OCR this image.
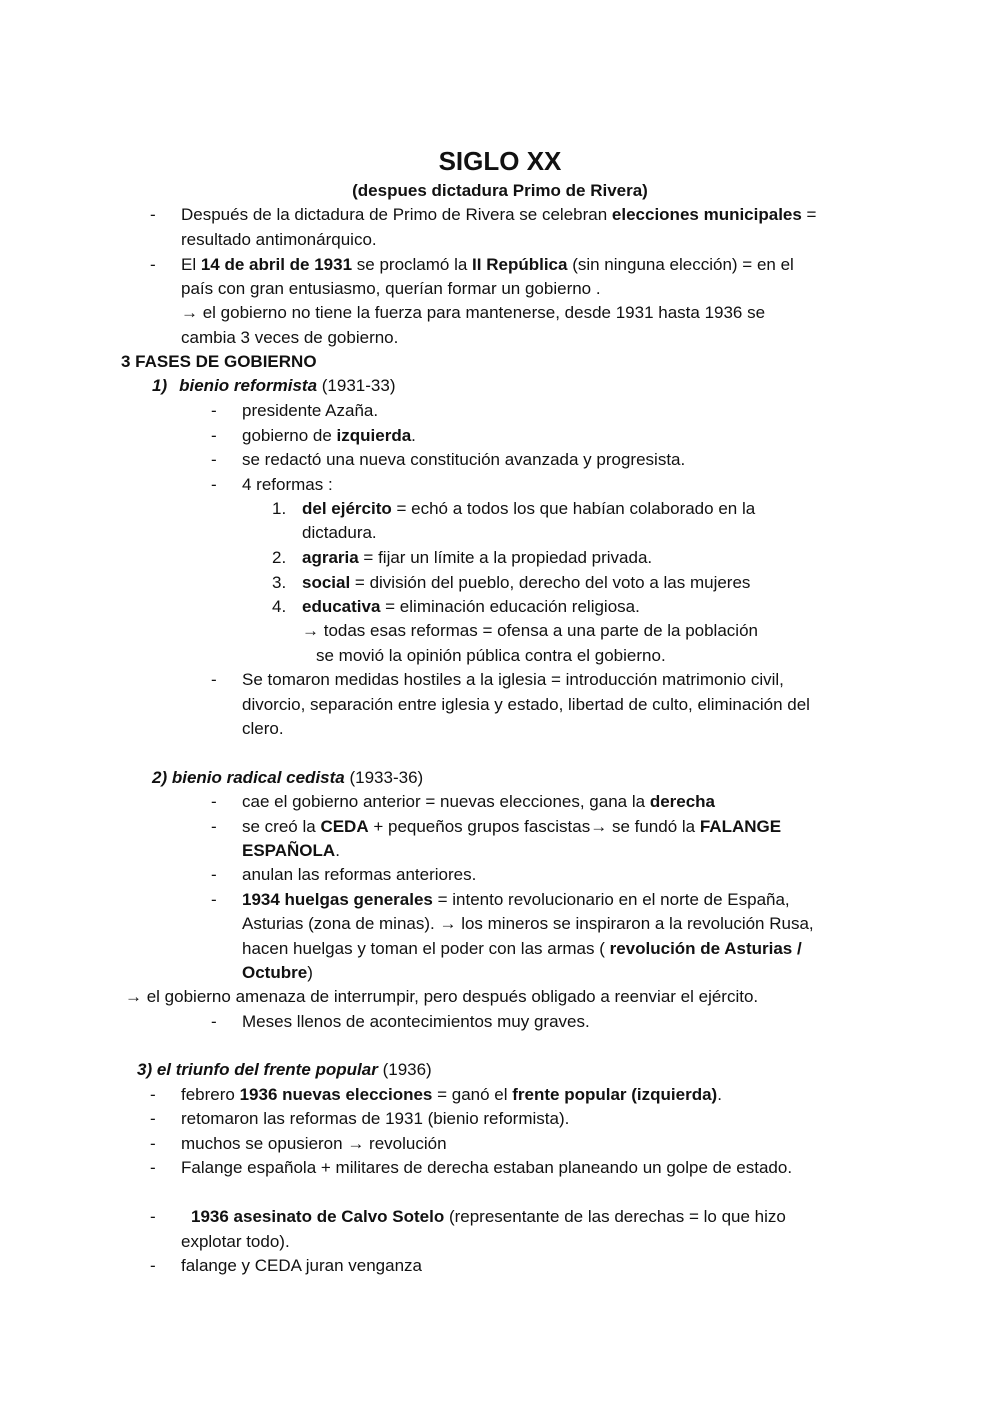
SIGLO XX
(despues dictadura Primo de Rivera)
- Después de la dictadura de Primo de Rivera se celebran elecciones municipales =
resultado antimonárquico.
- El 14 de abril de 1931 se proclamó la II República (sin ninguna elección) = en el
país con gran entusiasmo, querían formar un gobierno .
→ el gobierno no tiene la fuerza para mantenerse, desde 1931 hasta 1936 se
cambia 3 veces de gobierno.
3 FASES DE GOBIERNO
1) bienio reformista (1931-33)
- presidente Azaña.
- gobierno de izquierda.
- se redactó una nueva constitución avanzada y progresista.
- 4 reformas :
1. del ejército = echó a todos los que habían colaborado en la
dictadura.
2. agraria = fijar un límite a la propiedad privada.
3. social = división del pueblo, derecho del voto a las mujeres
4. educativa = eliminación educación religiosa.
→ todas esas reformas = ofensa a una parte de la población
se movió la opinión pública contra el gobierno.
- Se tomaron medidas hostiles a la iglesia = introducción matrimonio civil,
divorcio, separación entre iglesia y estado, libertad de culto, eliminación del
clero.
2) bienio radical cedista (1933-36)
- cae el gobierno anterior = nuevas elecciones, gana la derecha
- se creó la CEDA + pequeños grupos fascistas→ se fundó la FALANGE
ESPAÑOLA.
- anulan las reformas anteriores.
- 1934 huelgas generales = intento revolucionario en el norte de España,
Asturias (zona de minas). → los mineros se inspiraron a la revolución Rusa,
hacen huelgas y toman el poder con las armas ( revolución de Asturias /
Octubre)
→ el gobierno amenaza de interrumpir, pero después obligado a reenviar el ejército.
- Meses llenos de acontecimientos muy graves.
3) el triunfo del frente popular (1936)
- febrero 1936 nuevas elecciones = ganó el frente popular (izquierda).
- retomaron las reformas de 1931 (bienio reformista).
- muchos se opusieron → revolución
- Falange española + militares de derecha estaban planeando un golpe de estado.
- 1936 asesinato de Calvo Sotelo (representante de las derechas = lo que hizo
explotar todo).
- falange y CEDA juran venganza
